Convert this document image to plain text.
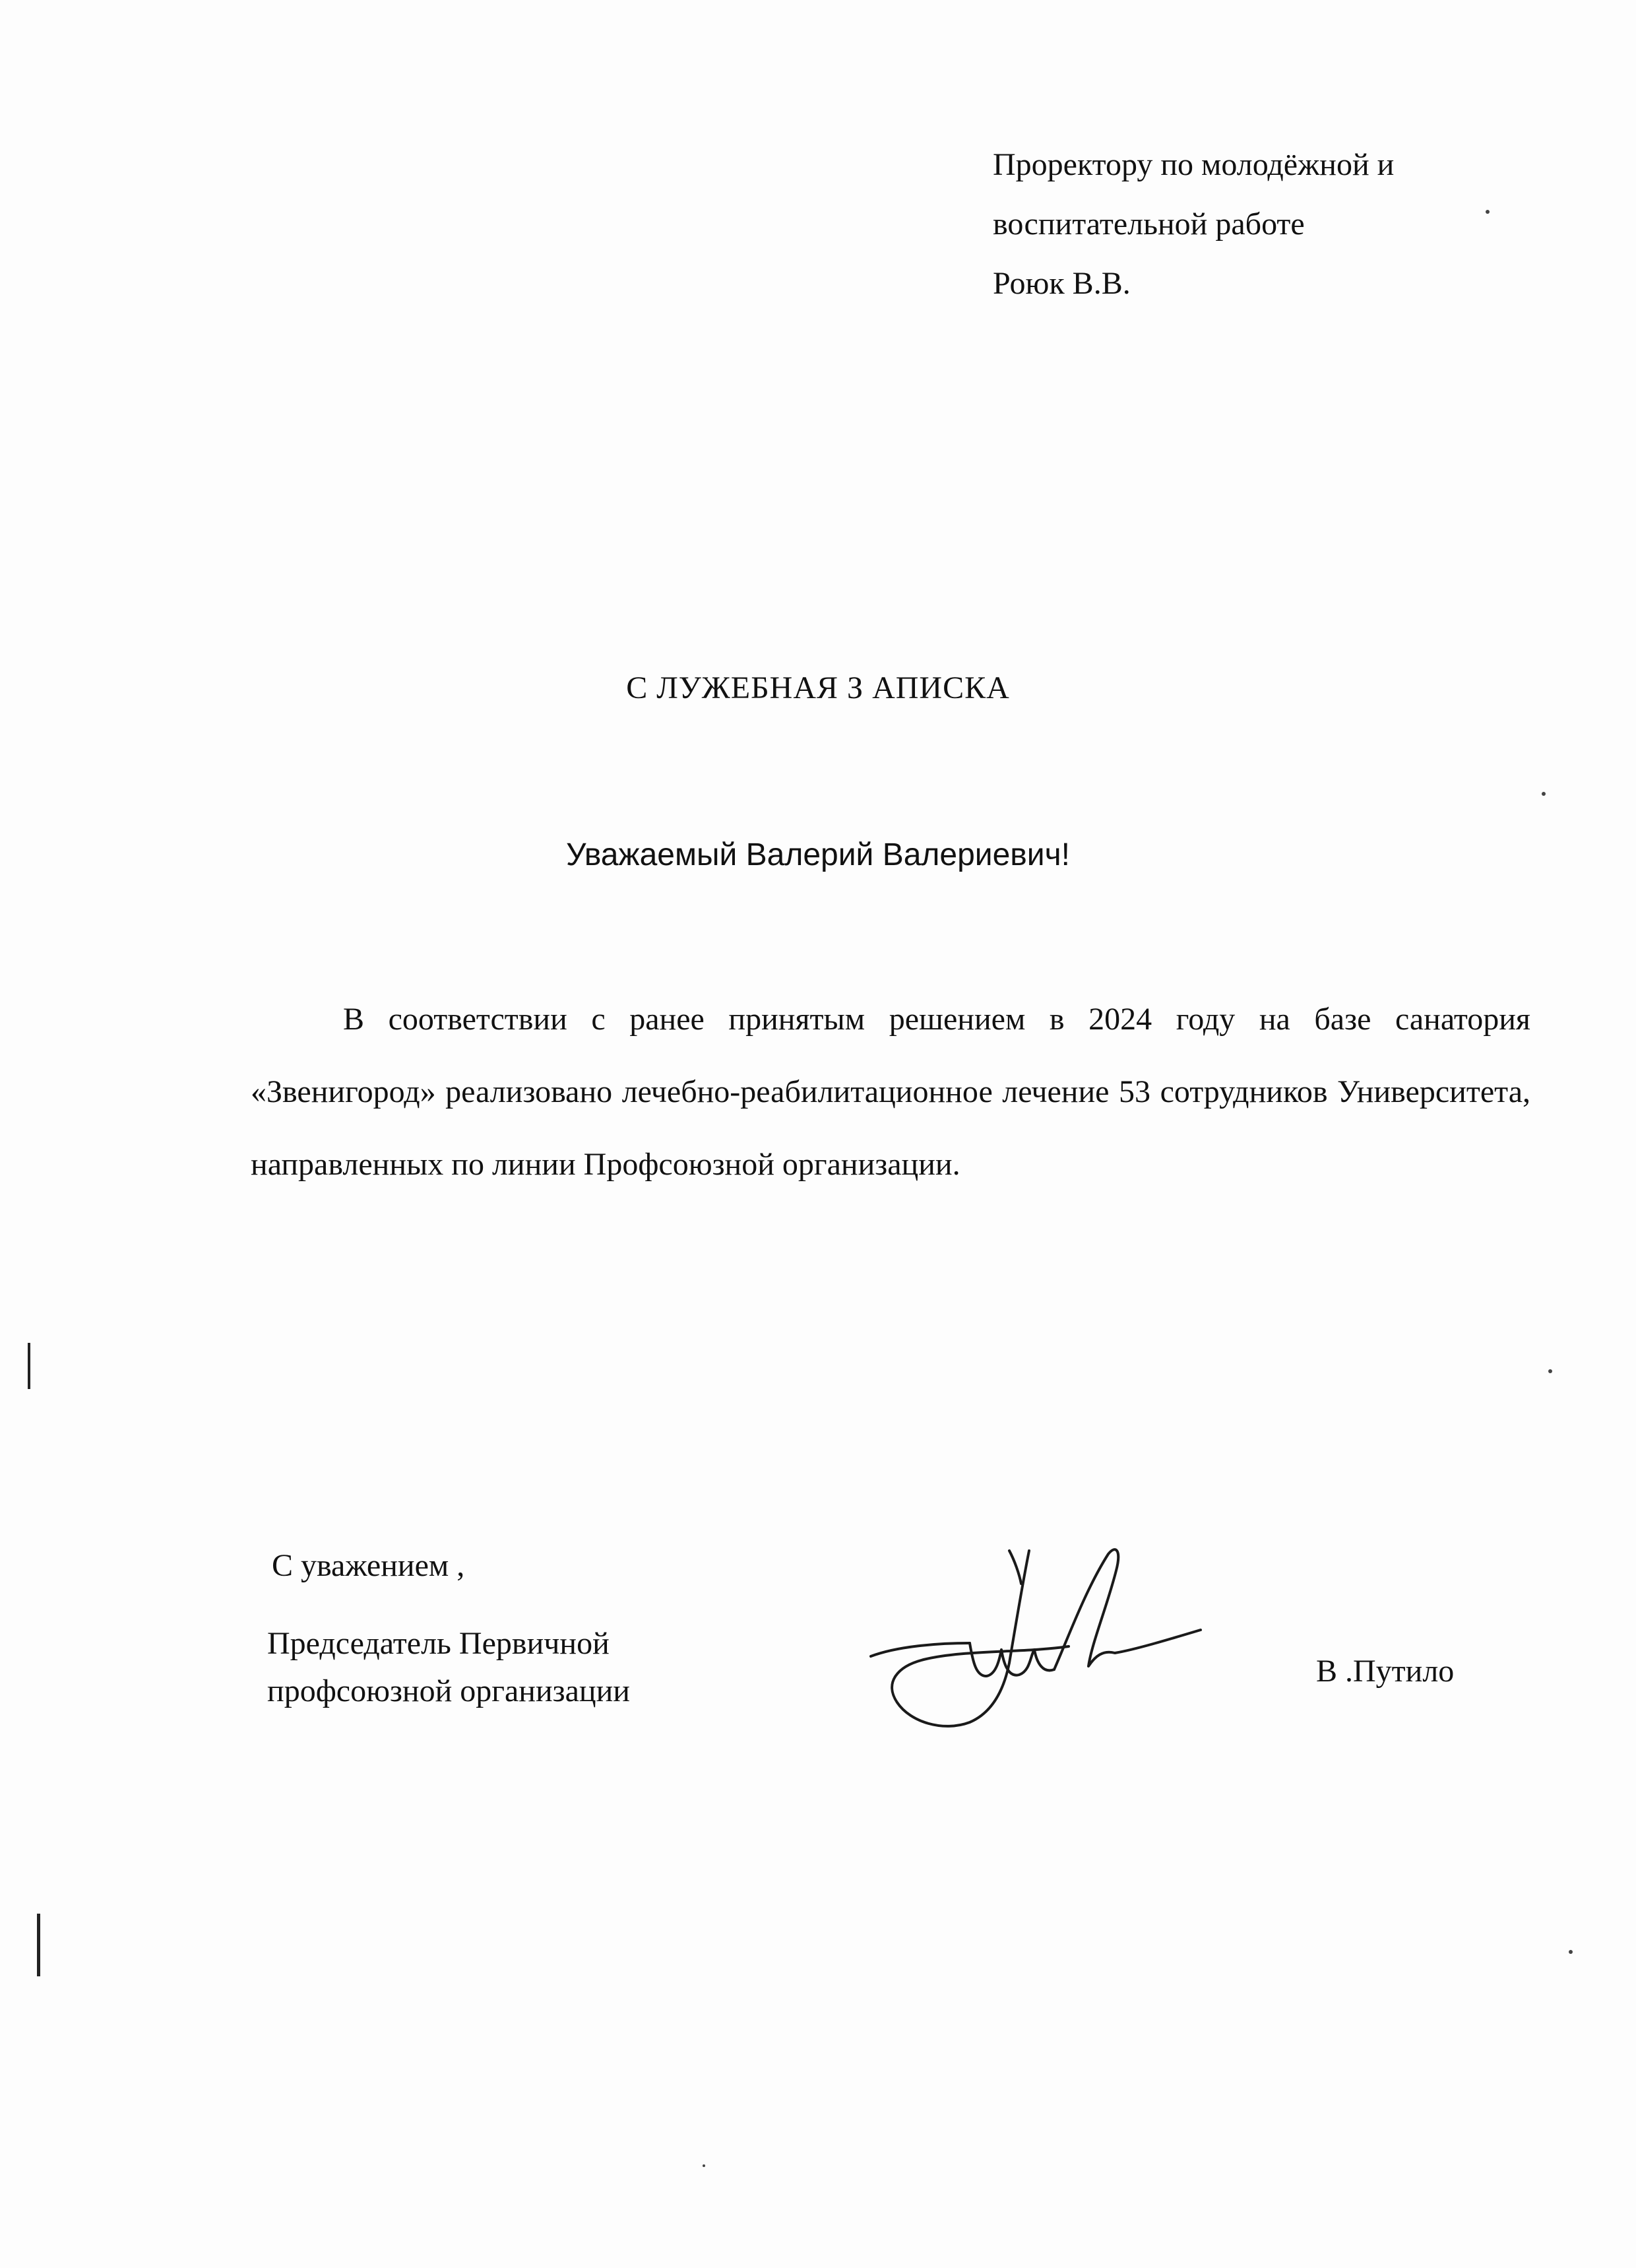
Проректору по молодёжной и
воспитательной работе
Роюк В.В.
С ЛУЖЕБНАЯ З АПИСКА
Уважаемый Валерий Валериевич!
В соответствии с ранее принятым решением в 2024 году на базе санатория «Звенигород» реализовано лечебно-реабилитационное лечение 53 сотрудников Университета, направленных по линии Профсоюзной организации.
С уважением ,
Председатель Первичной
профсоюзной организации
В .Путило
